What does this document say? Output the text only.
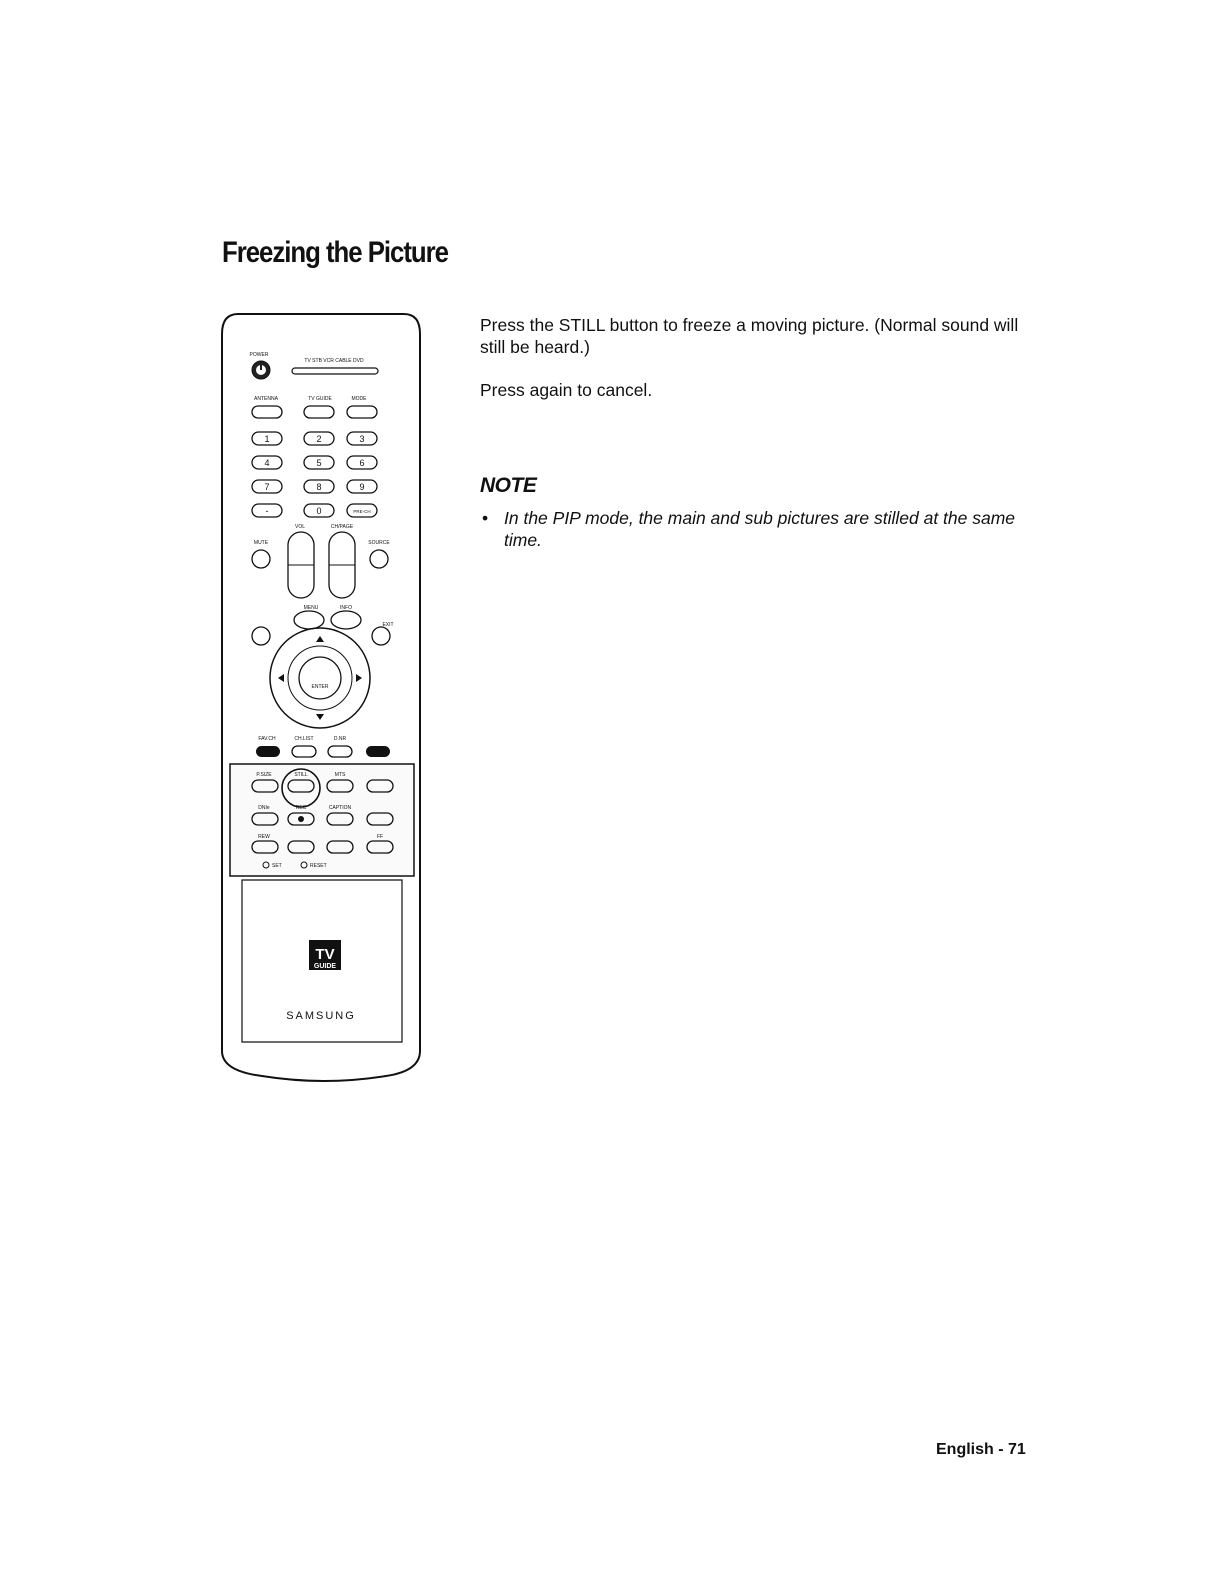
Freezing the Picture
POWER
TV STB VCR CABLE DVD
ANTENNA	TV GUIDE	MODE
1	2	3
4	5	6
7	8	9
-	0	PRE-CH
VOL	CH/PAGE
MUTE	SOURCE
MENU	INFO
EXIT
ENTER
FAV.CH	CH.LIST	D.NR
P.SIZE	STILL	MTS
DNIe	REC	CAPTION
REW	FF
SET	RESET
TV
GUIDE
SAMSUNG

Press the STILL button to freeze a moving picture. (Normal sound will still be heard.)

Press again to cancel.

NOTE
• In the PIP mode, the main and sub pictures are stilled at the same time.
English - 71
